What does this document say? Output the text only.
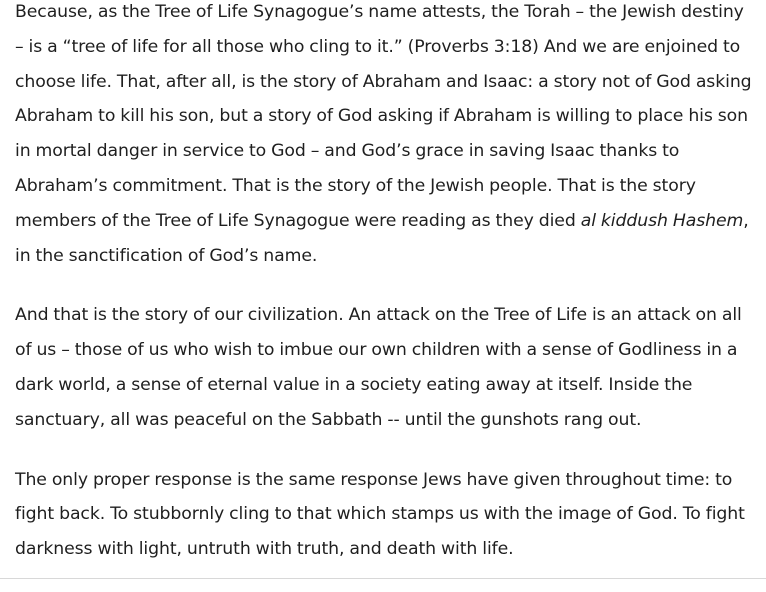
Because, as the Tree of Life Synagogue’s name attests, the Torah – the Jewish destiny – is a “tree of life for all those who cling to it.” (Proverbs 3:18) And we are enjoined to choose life. That, after all, is the story of Abraham and Isaac: a story not of God asking Abraham to kill his son, but a story of God asking if Abraham is willing to place his son in mortal danger in service to God – and God’s grace in saving Isaac thanks to Abraham’s commitment. That is the story of the Jewish people. That is the story members of the Tree of Life Synagogue were reading as they died al kiddush Hashem, in the sanctification of God’s name.

And that is the story of our civilization. An attack on the Tree of Life is an attack on all of us – those of us who wish to imbue our own children with a sense of Godliness in a dark world, a sense of eternal value in a society eating away at itself. Inside the sanctuary, all was peaceful on the Sabbath -- until the gunshots rang out.

The only proper response is the same response Jews have given throughout time: to fight back. To stubbornly cling to that which stamps us with the image of God. To fight darkness with light, untruth with truth, and death with life.
